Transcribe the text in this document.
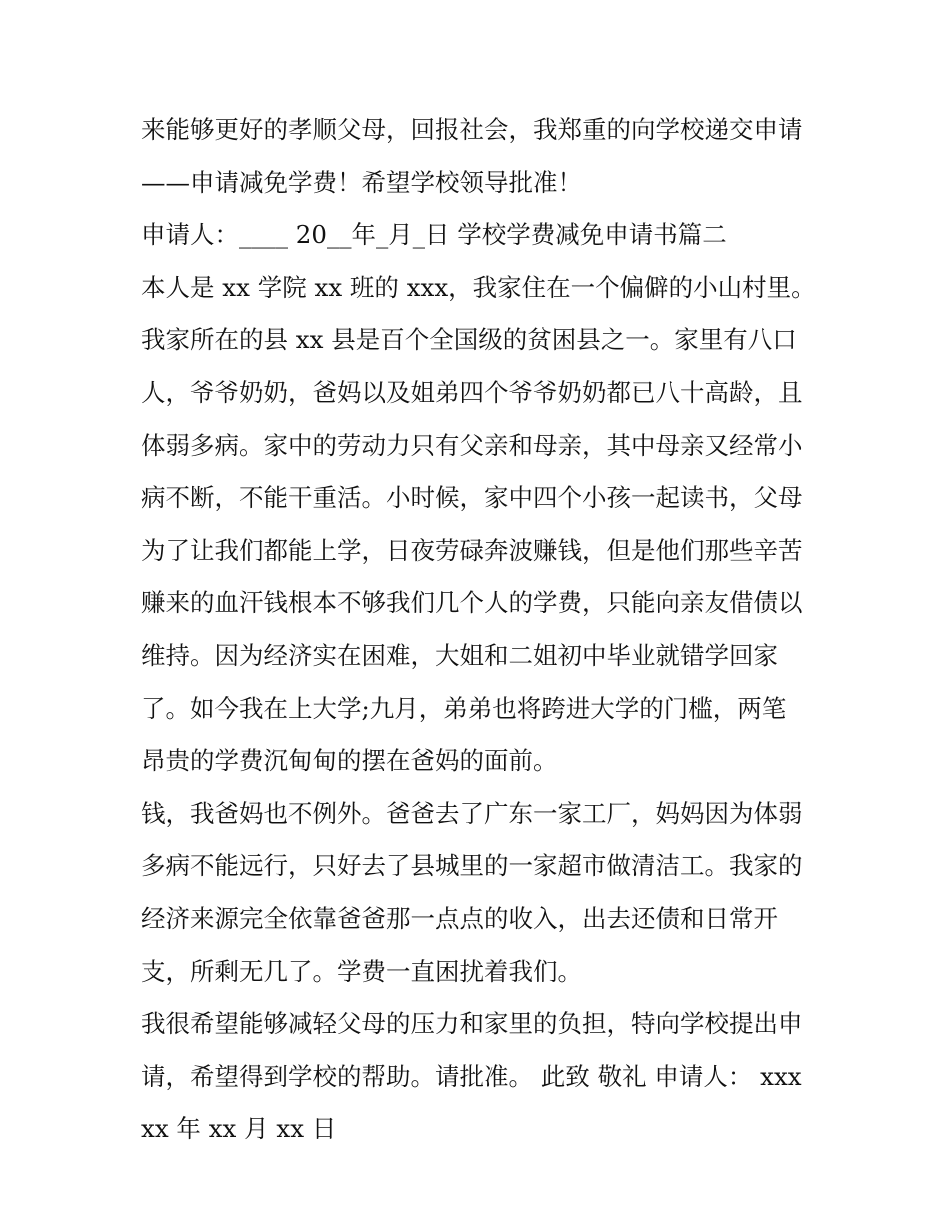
来能够更好的孝顺父母，回报社会，我郑重的向学校递交申请
——申请减免学费！希望学校领导批准！
申请人：____ 20__年_月_日 学校学费减免申请书篇二
本人是 xx 学院 xx 班的 xxx，我家住在一个偏僻的小山村里。
我家所在的县 xx 县是百个全国级的贫困县之一。家里有八口
人，爷爷奶奶，爸妈以及姐弟四个爷爷奶奶都已八十高龄，且
体弱多病。家中的劳动力只有父亲和母亲，其中母亲又经常小
病不断，不能干重活。小时候，家中四个小孩一起读书，父母
为了让我们都能上学，日夜劳碌奔波赚钱，但是他们那些辛苦
赚来的血汗钱根本不够我们几个人的学费，只能向亲友借债以
维持。因为经济实在困难，大姐和二姐初中毕业就错学回家
了。如今我在上大学;九月，弟弟也将跨进大学的门槛，两笔
昂贵的学费沉甸甸的摆在爸妈的面前。
钱，我爸妈也不例外。爸爸去了广东一家工厂，妈妈因为体弱
多病不能远行，只好去了县城里的一家超市做清洁工。我家的
经济来源完全依靠爸爸那一点点的收入，出去还债和日常开
支，所剩无几了。学费一直困扰着我们。
我很希望能够减轻父母的压力和家里的负担，特向学校提出申
请，希望得到学校的帮助。请批准。 此致 敬礼 申请人： xxx
xx 年 xx 月 xx 日
